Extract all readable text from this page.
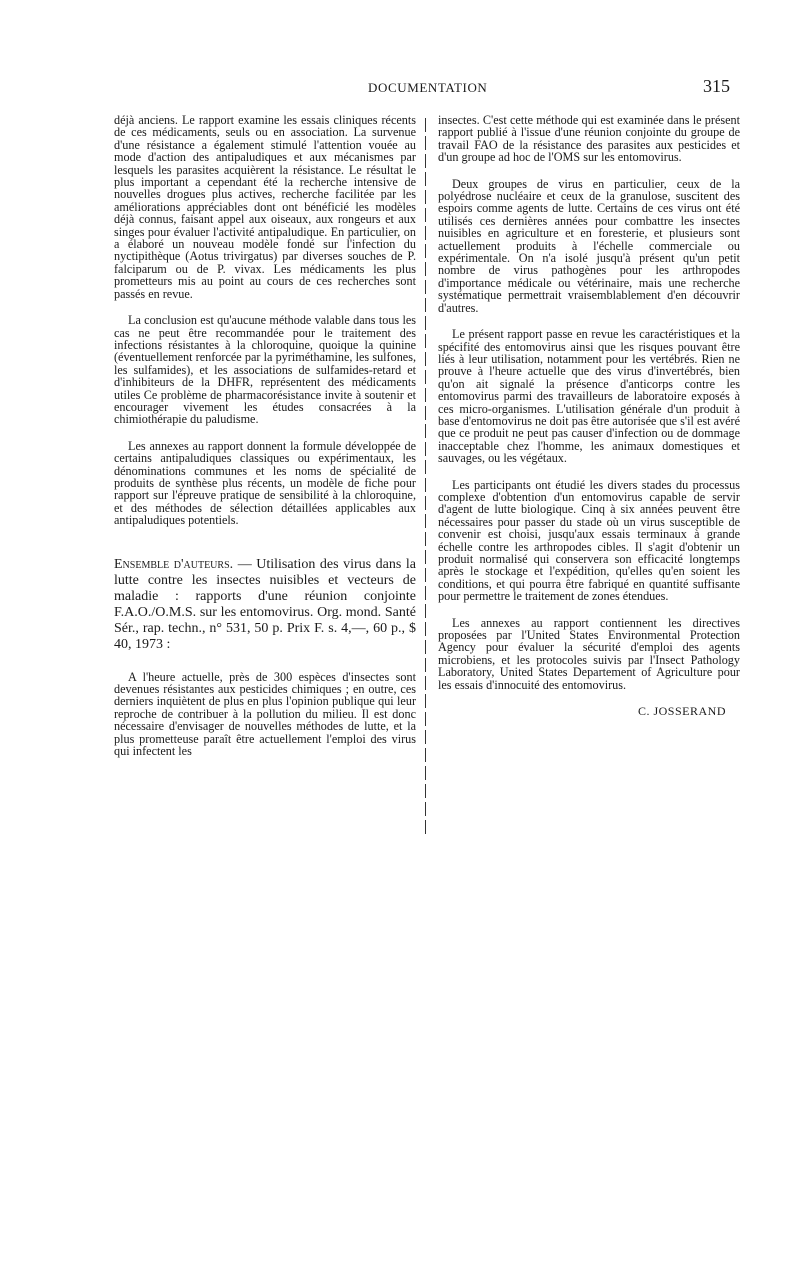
DOCUMENTATION	315

déjà anciens. Le rapport examine les essais cliniques récents de ces médicaments, seuls ou en association. La survenue d'une résistance a également stimulé l'attention vouée au mode d'action des antipaludiques et aux mécanismes par lesquels les parasites acquièrent la résistance. Le résultat le plus important a cependant été la recherche intensive de nouvelles drogues plus actives, recherche facilitée par les améliorations appréciables dont ont bénéficié les modèles déjà connus, faisant appel aux oiseaux, aux rongeurs et aux singes pour évaluer l'activité antipaludique. En particulier, on a élaboré un nouveau modèle fondé sur l'infection du nyctipithèque (Aotus trivirgatus) par diverses souches de P. falciparum ou de P. vivax. Les médicaments les plus prometteurs mis au point au cours de ces recherches sont passés en revue.

La conclusion est qu'aucune méthode valable dans tous les cas ne peut être recommandée pour le traitement des infections résistantes à la chloroquine, quoique la quinine (éventuellement renforcée par la pyriméthamine, les sulfones, les sulfamides), et les associations de sulfamides-retard et d'inhibiteurs de la DHFR, représentent des médicaments utiles Ce problème de pharmacorésistance invite à soutenir et encourager vivement les études consacrées à la chimiothérapie du paludisme.

Les annexes au rapport donnent la formule développée de certains antipaludiques classiques ou expérimentaux, les dénominations communes et les noms de spécialité de produits de synthèse plus récents, un modèle de fiche pour rapport sur l'épreuve pratique de sensibilité à la chloroquine, et des méthodes de sélection détaillées applicables aux antipaludiques potentiels.

Ensemble d'auteurs. — Utilisation des virus dans la lutte contre les insectes nuisibles et vecteurs de maladie : rapports d'une réunion conjointe F.A.O./O.M.S. sur les entomovirus. Org. mond. Santé Sér., rap. techn., n° 531, 50 p. Prix F. s. 4,—, 60 p., $ 40, 1973 :

A l'heure actuelle, près de 300 espèces d'insectes sont devenues résistantes aux pesticides chimiques ; en outre, ces derniers inquiètent de plus en plus l'opinion publique qui leur reproche de contribuer à la pollution du milieu. Il est donc nécessaire d'envisager de nouvelles méthodes de lutte, et la plus prometteuse paraît être actuellement l'emploi des virus qui infectent les

insectes. C'est cette méthode qui est examinée dans le présent rapport publié à l'issue d'une réunion conjointe du groupe de travail FAO de la résistance des parasites aux pesticides et d'un groupe ad hoc de l'OMS sur les entomovirus.

Deux groupes de virus en particulier, ceux de la polyédrose nucléaire et ceux de la granulose, suscitent des espoirs comme agents de lutte. Certains de ces virus ont été utilisés ces dernières années pour combattre les insectes nuisibles en agriculture et en foresterie, et plusieurs sont actuellement produits à l'échelle commerciale ou expérimentale. On n'a isolé jusqu'à présent qu'un petit nombre de virus pathogènes pour les arthropodes d'importance médicale ou vétérinaire, mais une recherche systématique permettrait vraisemblablement d'en découvrir d'autres.

Le présent rapport passe en revue les caractéristiques et la spécifité des entomovirus ainsi que les risques pouvant être liés à leur utilisation, notamment pour les vertébrés. Rien ne prouve à l'heure actuelle que des virus d'invertébrés, bien qu'on ait signalé la présence d'anticorps contre les entomovirus parmi des travailleurs de laboratoire exposés à ces micro-organismes. L'utilisation générale d'un produit à base d'entomovirus ne doit pas être autorisée que s'il est avéré que ce produit ne peut pas causer d'infection ou de dommage inacceptable chez l'homme, les animaux domestiques et sauvages, ou les végétaux.

Les participants ont étudié les divers stades du processus complexe d'obtention d'un entomovirus capable de servir d'agent de lutte biologique. Cinq à six années peuvent être nécessaires pour passer du stade où un virus susceptible de convenir est choisi, jusqu'aux essais terminaux à grande échelle contre les arthropodes cibles. Il s'agit d'obtenir un produit normalisé qui conservera son efficacité longtemps après le stockage et l'expédition, qu'elles qu'en soient les conditions, et qui pourra être fabriqué en quantité suffisante pour permettre le traitement de zones étendues.

Les annexes au rapport contiennent les directives proposées par l'United States Environmental Protection Agency pour évaluer la sécurité d'emploi des agents microbiens, et les protocoles suivis par l'Insect Pathology Laboratory, United States Departement of Agriculture pour les essais d'innocuité des entomovirus.

C. JOSSERAND
